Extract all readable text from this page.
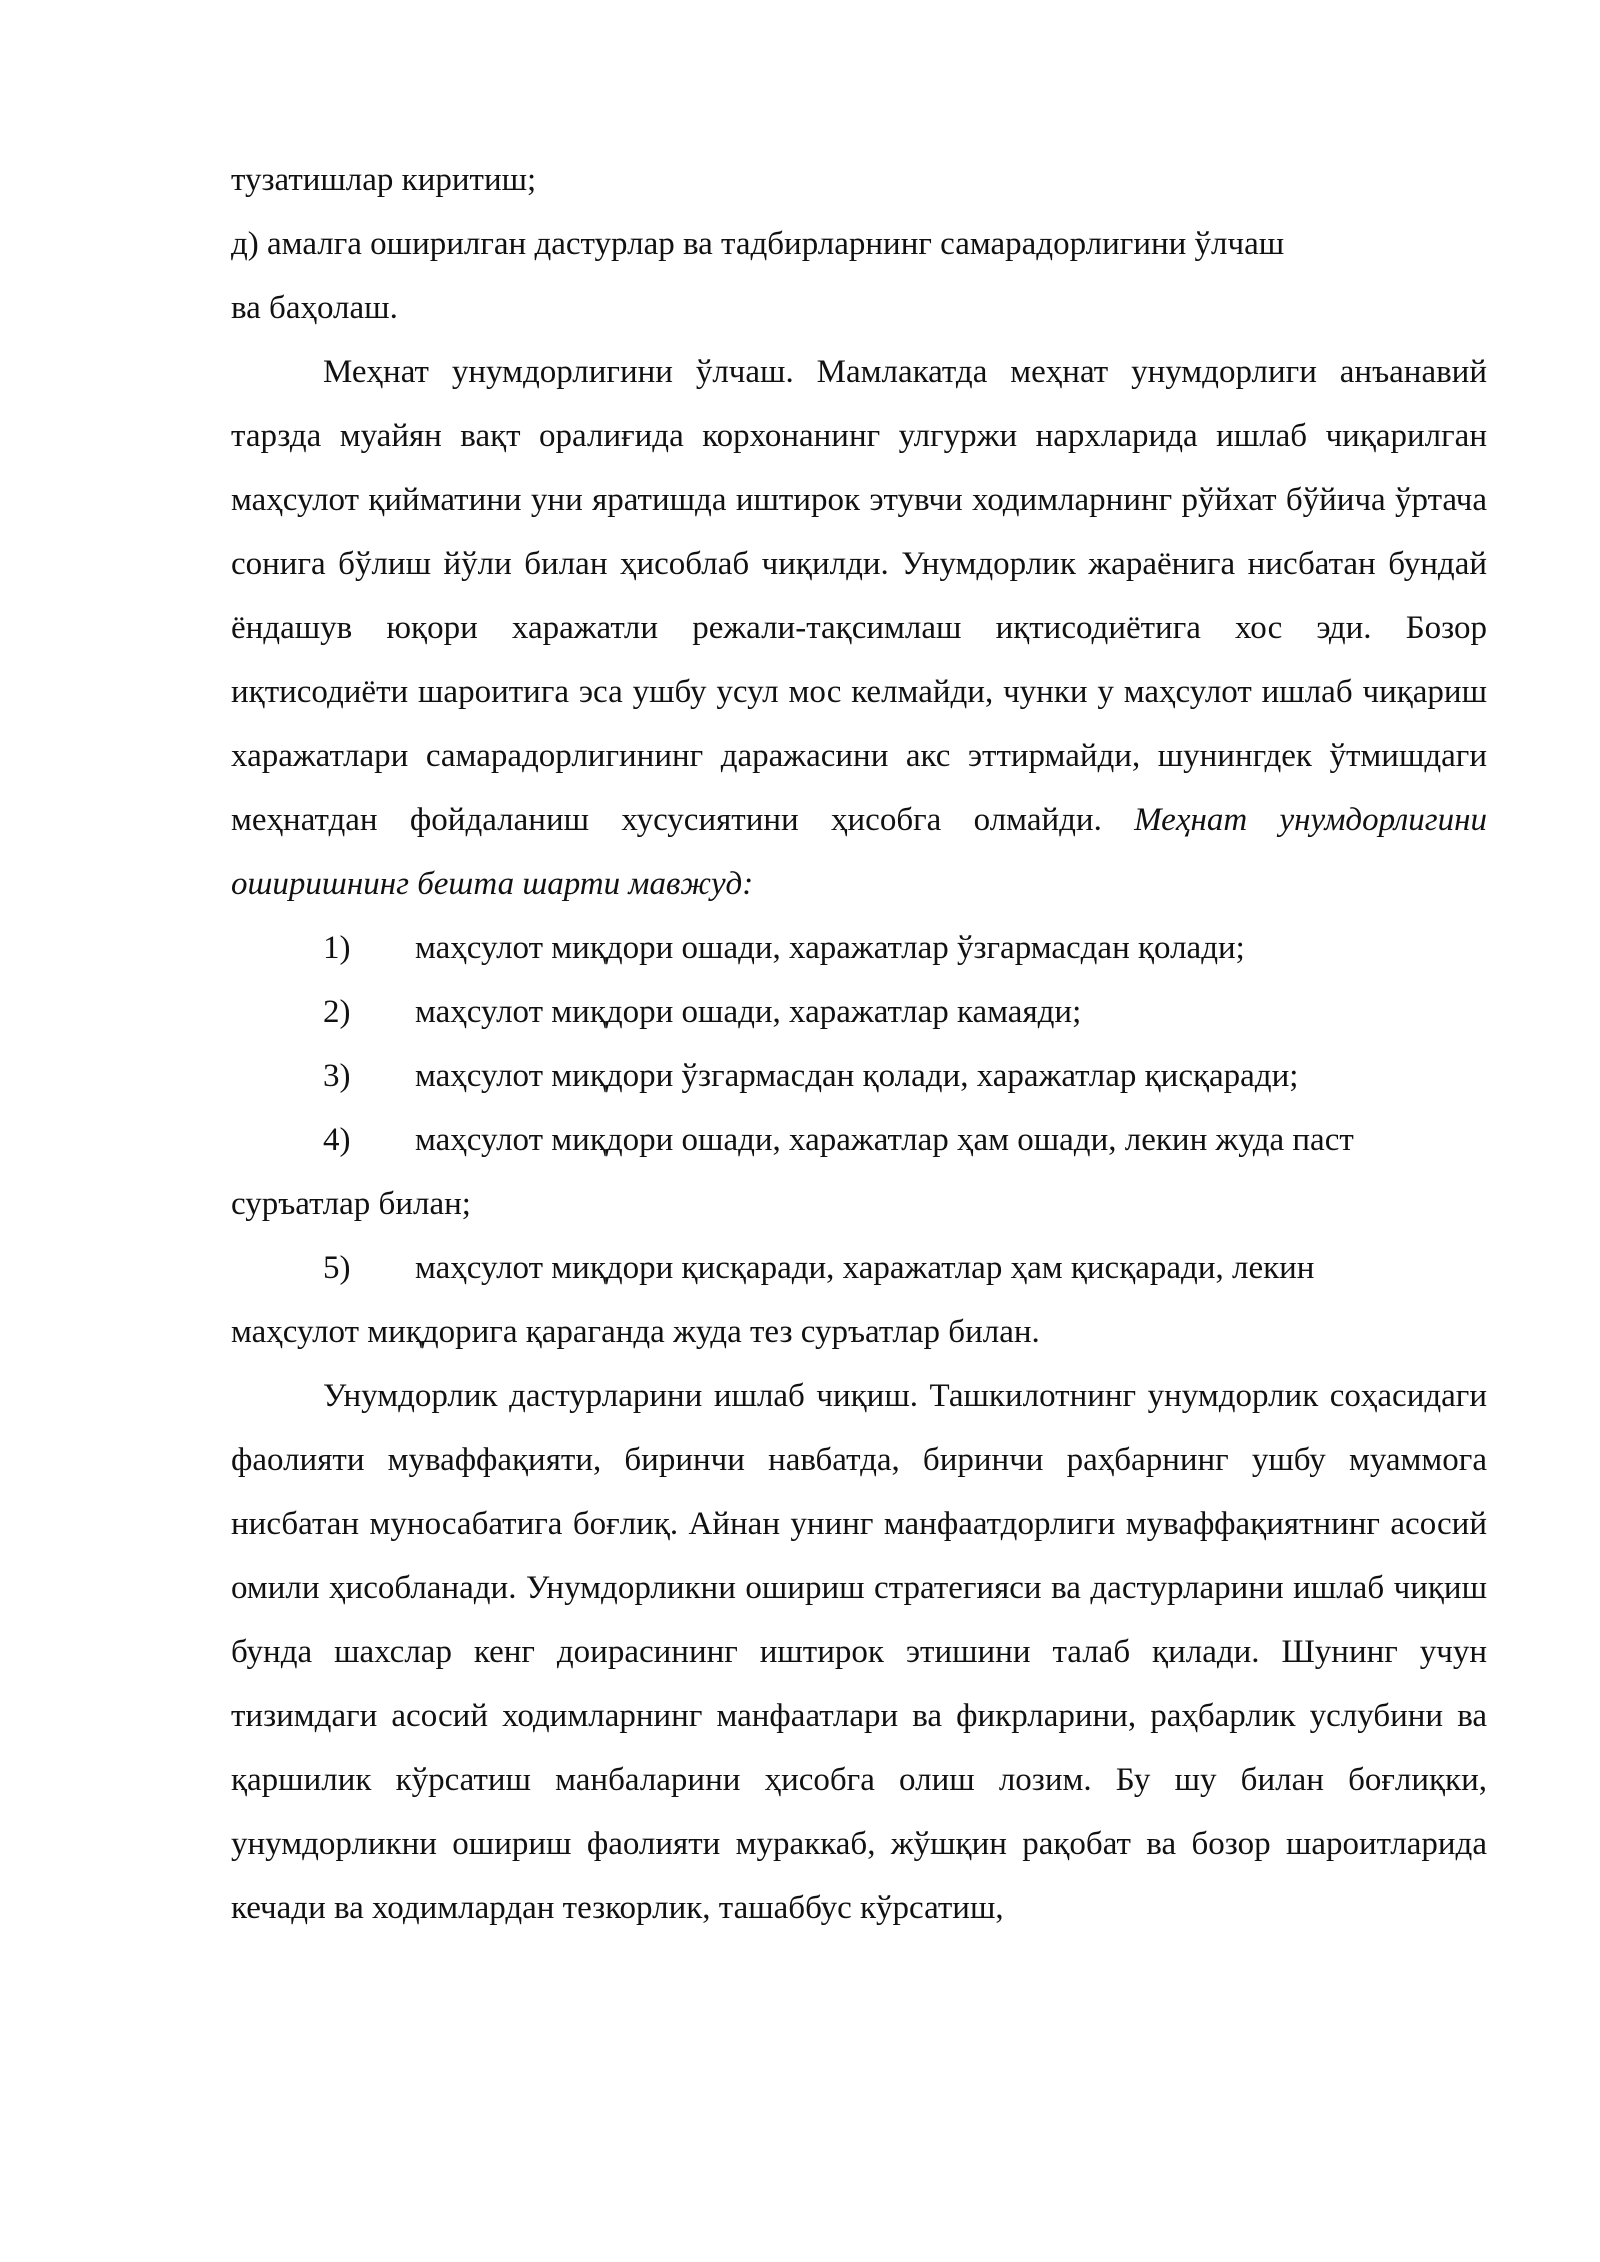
тузатишлар киритиш;

д) амалга оширилган дастурлар ва тадбирларнинг самарадорлигини ўлчаш

ва баҳолаш.

Меҳнат унумдорлигини ўлчаш. Мамлакатда меҳнат унумдорлиги анъанавий тарзда муайян вақт оралиғида корхонанинг улгуржи нархларида ишлаб чиқарилган маҳсулот қийматини уни яратишда иштирок этувчи ходимларнинг рўйхат бўйича ўртача сонига бўлиш йўли билан ҳисоблаб чиқилди. Унумдорлик жараёнига нисбатан бундай ёндашув юқори харажатли режали-тақсимлаш иқтисодиётига хос эди. Бозор иқтисодиёти шароитига эса ушбу усул мос келмайди, чунки у маҳсулот ишлаб чиқариш харажатлари самарадорлигининг даражасини акс эттирмайди, шунингдек ўтмишдаги меҳнатдан фойдаланиш хусусиятини ҳисобга олмайди. Меҳнат унумдорлигини оширишнинг бешта шарти мавжуд:

1)	маҳсулот миқдори ошади, харажатлар ўзгармасдан қолади;
2)	маҳсулот миқдори ошади, харажатлар камаяди;
3)	маҳсулот миқдори ўзгармасдан қолади, харажатлар қисқаради;
4)	маҳсулот миқдори ошади, харажатлар ҳам ошади, лекин жуда паст

суръатлар билан;

5)	маҳсулот миқдори қисқаради, харажатлар ҳам қисқаради, лекин

маҳсулот миқдорига қараганда жуда тез суръатлар билан.

Унумдорлик дастурларини ишлаб чиқиш. Ташкилотнинг унумдорлик соҳасидаги фаолияти муваффақияти, биринчи навбатда, биринчи раҳбарнинг ушбу муаммога нисбатан муносабатига боғлиқ. Айнан унинг манфаатдорлиги муваффақиятнинг асосий омили ҳисобланади. Унумдорликни ошириш стратегияси ва дастурларини ишлаб чиқиш бунда шахслар кенг доирасининг иштирок этишини талаб қилади. Шунинг учун тизимдаги асосий ходимларнинг манфаатлари ва фикрларини, раҳбарлик услубини ва қаршилик кўрсатиш манбаларини ҳисобга олиш лозим. Бу шу билан боғлиқки, унумдорликни ошириш фаолияти мураккаб, жўшқин рақобат ва бозор шароитларида кечади ва ходимлардан тезкорлик, ташаббус кўрсатиш,
